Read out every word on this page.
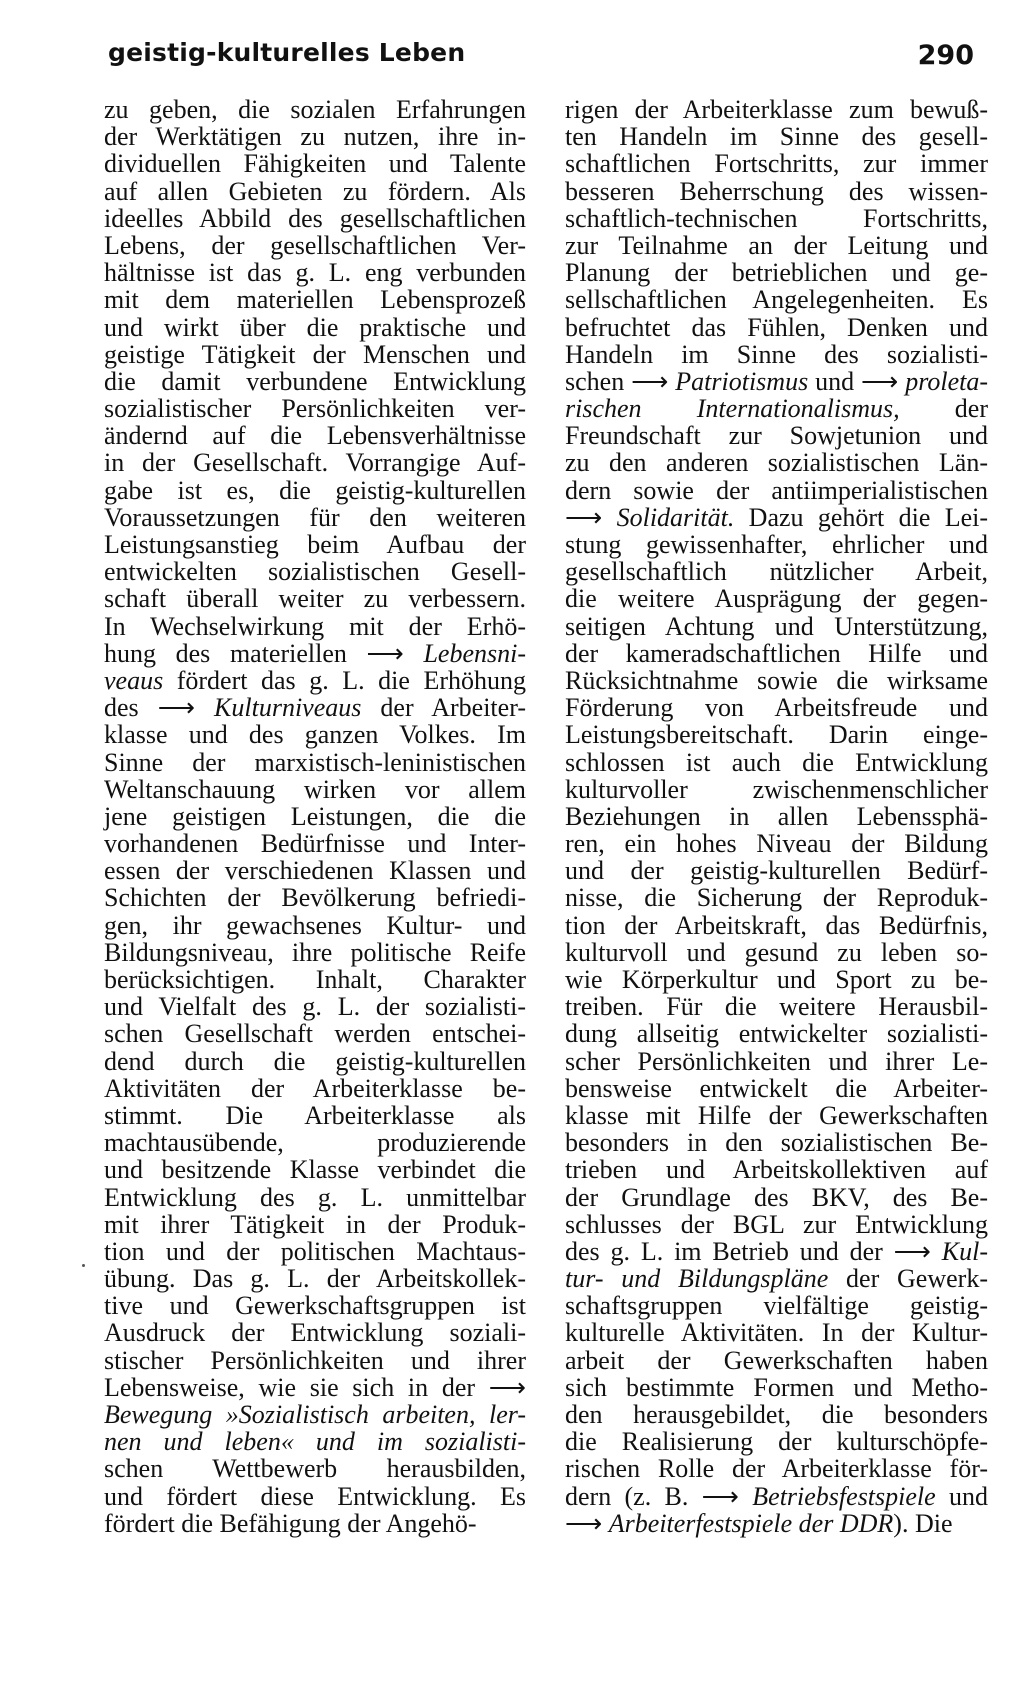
geistig-kulturelles Leben	290
zu geben, die sozialen Erfahrungen
der Werktätigen zu nutzen, ihre in-
dividuellen Fähigkeiten und Talente
auf allen Gebieten zu fördern. Als
ideelles Abbild des gesellschaftlichen
Lebens, der gesellschaftlichen Ver-
hältnisse ist das g. L. eng verbunden
mit dem materiellen Lebensprozeß
und wirkt über die praktische und
geistige Tätigkeit der Menschen und
die damit verbundene Entwicklung
sozialistischer Persönlichkeiten ver-
ändernd auf die Lebensverhältnisse
in der Gesellschaft. Vorrangige Auf-
gabe ist es, die geistig-kulturellen
Voraussetzungen für den weiteren
Leistungsanstieg beim Aufbau der
entwickelten sozialistischen Gesell-
schaft überall weiter zu verbessern.
In Wechselwirkung mit der Erhö-
hung des materiellen ⟶ Lebensni-
veaus fördert das g. L. die Erhöhung
des ⟶ Kulturniveaus der Arbeiter-
klasse und des ganzen Volkes. Im
Sinne der marxistisch-leninistischen
Weltanschauung wirken vor allem
jene geistigen Leistungen, die die
vorhandenen Bedürfnisse und Inter-
essen der verschiedenen Klassen und
Schichten der Bevölkerung befriedi-
gen, ihr gewachsenes Kultur- und
Bildungsniveau, ihre politische Reife
berücksichtigen. Inhalt, Charakter
und Vielfalt des g. L. der sozialisti-
schen Gesellschaft werden entschei-
dend durch die geistig-kulturellen
Aktivitäten der Arbeiterklasse be-
stimmt. Die Arbeiterklasse als
machtausübende, produzierende
und besitzende Klasse verbindet die
Entwicklung des g. L. unmittelbar
mit ihrer Tätigkeit in der Produk-
tion und der politischen Machtaus-
übung. Das g. L. der Arbeitskollek-
tive und Gewerkschaftsgruppen ist
Ausdruck der Entwicklung soziali-
stischer Persönlichkeiten und ihrer
Lebensweise, wie sie sich in der ⟶
Bewegung »Sozialistisch arbeiten, ler-
nen und leben« und im sozialisti-
schen Wettbewerb herausbilden,
und fördert diese Entwicklung. Es
fördert die Befähigung der Angehö-
rigen der Arbeiterklasse zum bewuß-
ten Handeln im Sinne des gesell-
schaftlichen Fortschritts, zur immer
besseren Beherrschung des wissen-
schaftlich-technischen Fortschritts,
zur Teilnahme an der Leitung und
Planung der betrieblichen und ge-
sellschaftlichen Angelegenheiten. Es
befruchtet das Fühlen, Denken und
Handeln im Sinne des sozialisti-
schen ⟶ Patriotismus und ⟶ proleta-
rischen Internationalismus, der
Freundschaft zur Sowjetunion und
zu den anderen sozialistischen Län-
dern sowie der antiimperialistischen
⟶ Solidarität. Dazu gehört die Lei-
stung gewissenhafter, ehrlicher und
gesellschaftlich nützlicher Arbeit,
die weitere Ausprägung der gegen-
seitigen Achtung und Unterstützung,
der kameradschaftlichen Hilfe und
Rücksichtnahme sowie die wirksame
Förderung von Arbeitsfreude und
Leistungsbereitschaft. Darin einge-
schlossen ist auch die Entwicklung
kulturvoller zwischenmenschlicher
Beziehungen in allen Lebenssphä-
ren, ein hohes Niveau der Bildung
und der geistig-kulturellen Bedürf-
nisse, die Sicherung der Reproduk-
tion der Arbeitskraft, das Bedürfnis,
kulturvoll und gesund zu leben so-
wie Körperkultur und Sport zu be-
treiben. Für die weitere Herausbil-
dung allseitig entwickelter sozialisti-
scher Persönlichkeiten und ihrer Le-
bensweise entwickelt die Arbeiter-
klasse mit Hilfe der Gewerkschaften
besonders in den sozialistischen Be-
trieben und Arbeitskollektiven auf
der Grundlage des BKV, des Be-
schlusses der BGL zur Entwicklung
des g. L. im Betrieb und der ⟶ Kul-
tur- und Bildungspläne der Gewerk-
schaftsgruppen vielfältige geistig-
kulturelle Aktivitäten. In der Kultur-
arbeit der Gewerkschaften haben
sich bestimmte Formen und Metho-
den herausgebildet, die besonders
die Realisierung der kulturschöpfe-
rischen Rolle der Arbeiterklasse för-
dern (z. B. ⟶ Betriebsfestspiele und
⟶ Arbeiterfestspiele der DDR). Die
